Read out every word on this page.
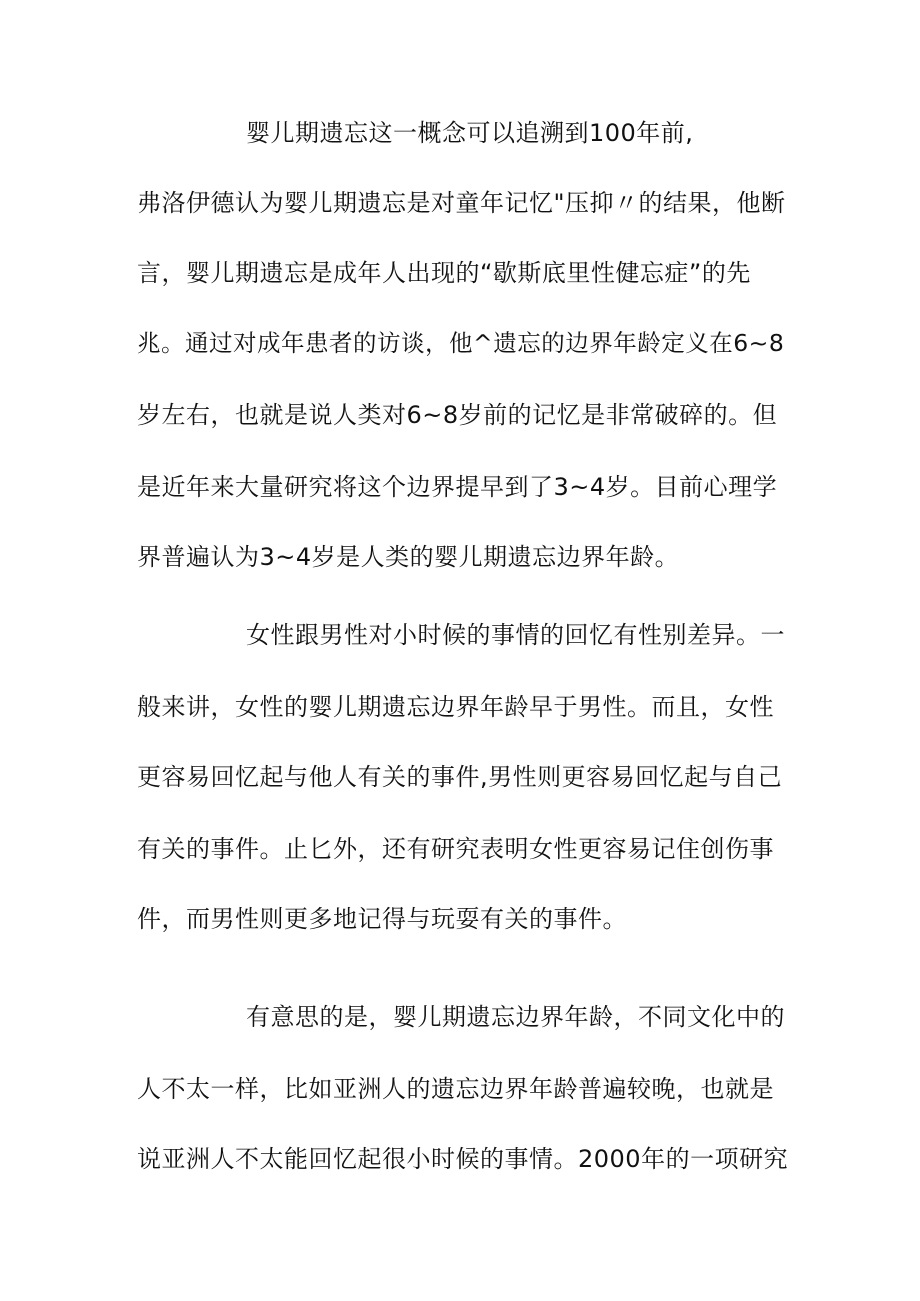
婴儿期遗忘这一概念可以追溯到100年前,
弗洛伊德认为婴儿期遗忘是对童年记忆"压抑〃的结果，他断
言，婴儿期遗忘是成年人出现的“歇斯底里性健忘症”的先
兆。通过对成年患者的访谈，他^遗忘的边界年龄定义在6~8
岁左右，也就是说人类对6~8岁前的记忆是非常破碎的。但
是近年来大量研究将这个边界提早到了3~4岁。目前心理学
界普遍认为3~4岁是人类的婴儿期遗忘边界年龄。
女性跟男性对小时候的事情的回忆有性别差异。一
般来讲，女性的婴儿期遗忘边界年龄早于男性。而且，女性
更容易回忆起与他人有关的事件,男性则更容易回忆起与自己
有关的事件。止匕外，还有研究表明女性更容易记住创伤事
件，而男性则更多地记得与玩耍有关的事件。
有意思的是，婴儿期遗忘边界年龄，不同文化中的
人不太一样，比如亚洲人的遗忘边界年龄普遍较晚，也就是
说亚洲人不太能回忆起很小时候的事情。2000年的一项研究
